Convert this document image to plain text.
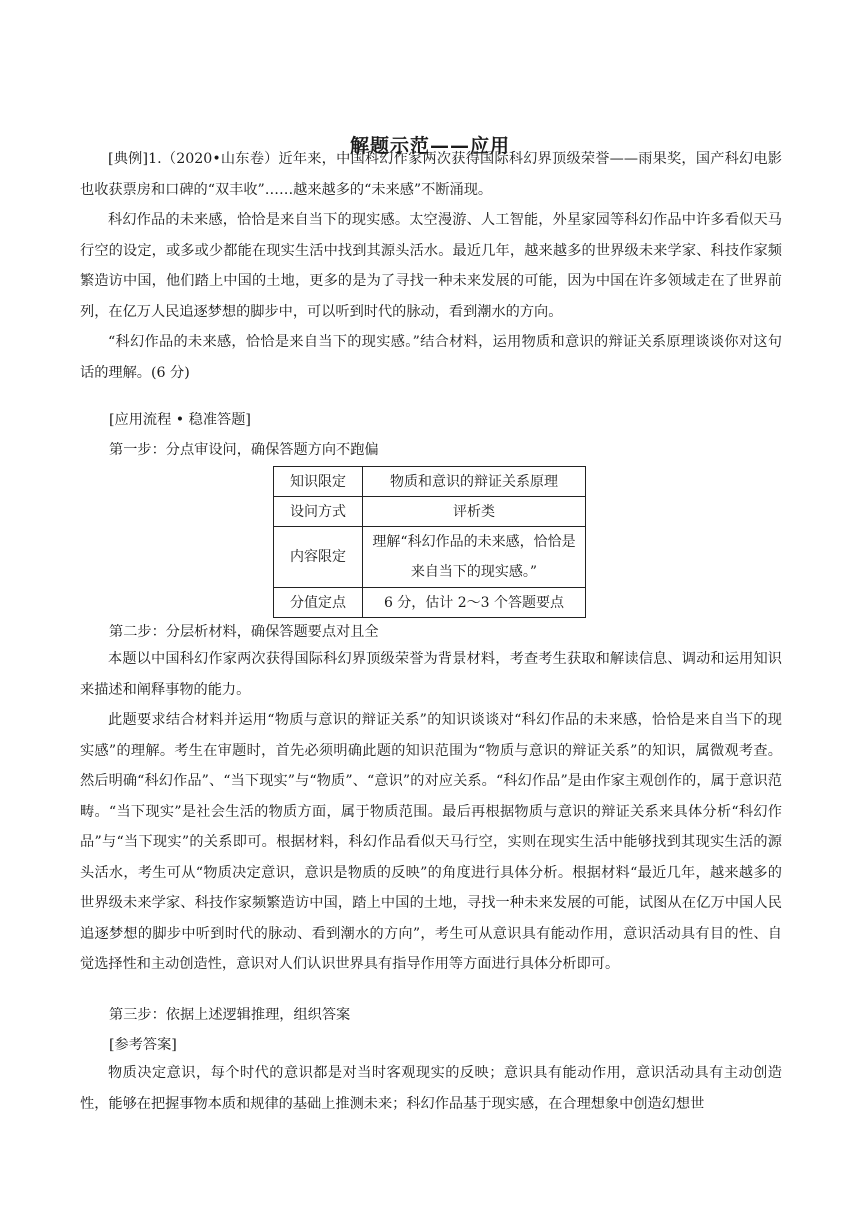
解题示范——应用

[典例]1.（2020•山东卷）近年来，中国科幻作家两次获得国际科幻界顶级荣誉——雨果奖，国产科幻电影也收获票房和口碑的“双丰收”……越来越多的“未来感”不断涌现。

科幻作品的未来感，恰恰是来自当下的现实感。太空漫游、人工智能，外星家园等科幻作品中许多看似天马行空的设定，或多或少都能在现实生活中找到其源头活水。最近几年，越来越多的世界级未来学家、科技作家频繁造访中国，他们踏上中国的土地，更多的是为了寻找一种未来发展的可能，因为中国在许多领域走在了世界前列，在亿万人民追逐梦想的脚步中，可以听到时代的脉动，看到潮水的方向。

“科幻作品的未来感，恰恰是来自当下的现实感。”结合材料，运用物质和意识的辩证关系原理谈谈你对这句话的理解。(6 分)

[应用流程 • 稳准答题]

第一步：分点审设问，确保答题方向不跑偏

知识限定	物质和意识的辩证关系原理
设问方式	评析类
内容限定	理解“科幻作品的未来感，恰恰是来自当下的现实感。”
分值定点	6 分，估计 2～3 个答题要点

第二步：分层析材料，确保答题要点对且全

本题以中国科幻作家两次获得国际科幻界顶级荣誉为背景材料，考查考生获取和解读信息、调动和运用知识来描述和阐释事物的能力。

此题要求结合材料并运用“物质与意识的辩证关系”的知识谈谈对“科幻作品的未来感，恰恰是来自当下的现实感”的理解。考生在审题时，首先必须明确此题的知识范围为“物质与意识的辩证关系”的知识，属微观考查。然后明确“科幻作品”、“当下现实”与“物质”、“意识”的对应关系。“科幻作品”是由作家主观创作的，属于意识范畴。“当下现实”是社会生活的物质方面，属于物质范围。最后再根据物质与意识的辩证关系来具体分析“科幻作品”与“当下现实”的关系即可。根据材料，科幻作品看似天马行空，实则在现实生活中能够找到其现实生活的源头活水，考生可从“物质决定意识，意识是物质的反映”的角度进行具体分析。根据材料“最近几年，越来越多的世界级未来学家、科技作家频繁造访中国，踏上中国的土地，寻找一种未来发展的可能，试图从在亿万中国人民追逐梦想的脚步中听到时代的脉动、看到潮水的方向”，考生可从意识具有能动作用，意识活动具有目的性、自觉选择性和主动创造性，意识对人们认识世界具有指导作用等方面进行具体分析即可。

第三步：依据上述逻辑推理，组织答案

[参考答案]

物质决定意识，每个时代的意识都是对当时客观现实的反映；意识具有能动作用，意识活动具有主动创造性，能够在把握事物本质和规律的基础上推测未来；科幻作品基于现实感，在合理想象中创造幻想世
